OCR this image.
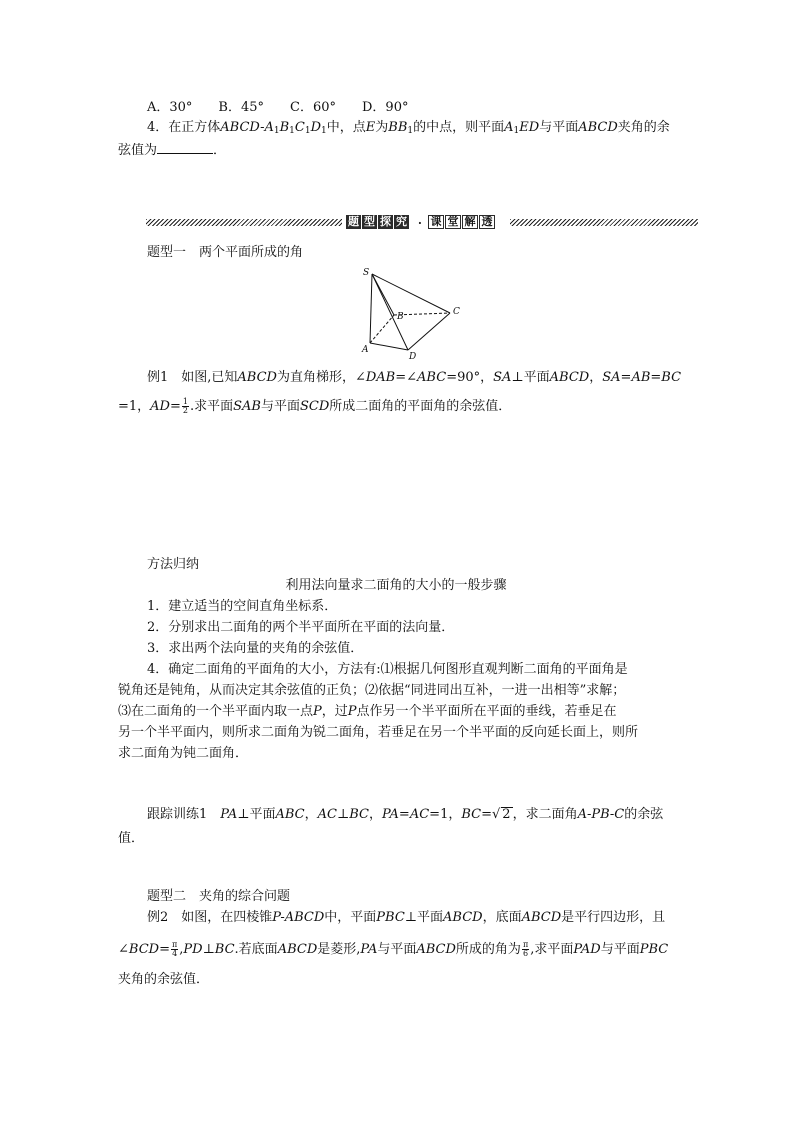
A．30°　　B．45°　　C．60°　　D．90°
4．在正方体ABCD-$A_1B_1C_1D_1$中，点E为$BB_1$的中点，则平面$A_1ED$与平面ABCD夹角的余
弦值为	．
题 型 探 究 · 课 堂 解 透
题型一　两个平面所成的角
S
B	C
A
D
例1　如图,已知ABCD为直角梯形，∠DAB=∠ABC=90°，SA⊥平面ABCD，SA=AB=BC
=1，$AD= \frac{1}{2}$ .求平面SAB与平面SCD所成二面角的平面角的余弦值．
方法归纳
利用法向量求二面角的大小的一般步骤
1．建立适当的空间直角坐标系．
2．分别求出二面角的两个半平面所在平面的法向量．
3．求出两个法向量的夹角的余弦值．
4．确定二面角的平面角的大小，方法有:⑴根据几何图形直观判断二面角的平面角是
锐角还是钝角，从而决定其余弦值的正负；⑵依据“同进同出互补，一进一出相等”求解；
⑶在二面角的一个半平面内取一点P，过P点作另一个半平面所在平面的垂线，若垂足在
另一个半平面内，则所求二面角为锐二面角，若垂足在另一个半平面的反向延长面上，则所
求二面角为钝二面角．
跟踪训练1　PA⊥平面ABC，AC⊥BC，PA=AC=1，BC=√ 2 ，求二面角A-PB-C的余弦
值．
题型二　夹角的综合问题
例2　如图，在四棱锥P-ABCD中，平面PBC⊥平面ABCD，底面ABCD是平行四边形，且
∠BCD= $\frac{\pi}{4}$ ,PD⊥BC.若底面ABCD是菱形,PA与平面ABCD所成的角为 $\frac{\pi}{6}$ ,求平面PAD与平面PBC
夹角的余弦值．
